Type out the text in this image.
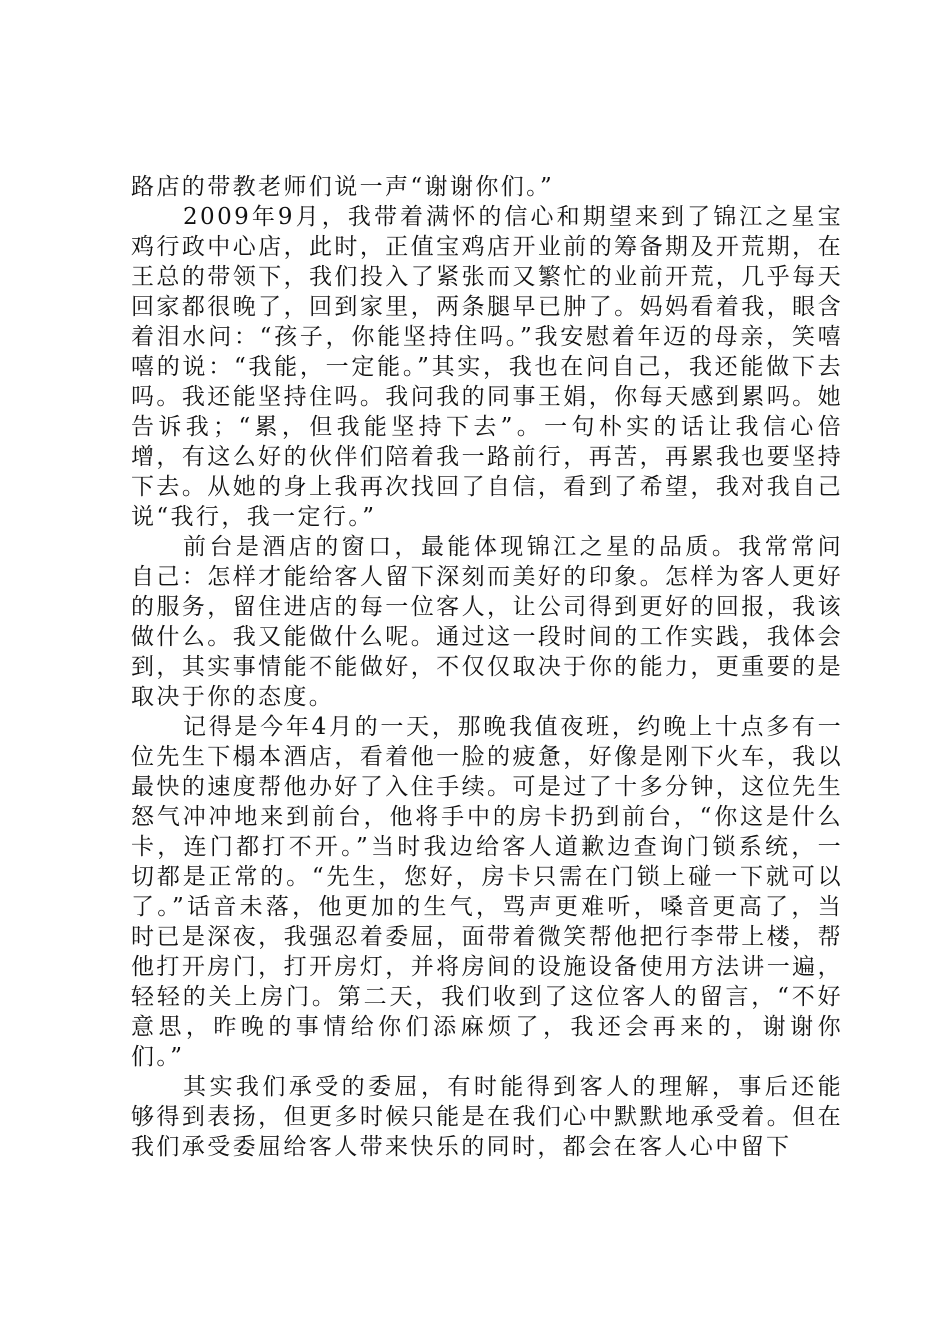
路店的带教老师们说一声“谢谢你们。”

2009年9月，我带着满怀的信心和期望来到了锦江之星宝鸡行政中心店，此时，正值宝鸡店开业前的筹备期及开荒期，在王总的带领下，我们投入了紧张而又繁忙的业前开荒，几乎每天回家都很晚了，回到家里，两条腿早已肿了。妈妈看着我，眼含着泪水问：“孩子，你能坚持住吗。”我安慰着年迈的母亲，笑嘻嘻的说：“我能，一定能。”其实，我也在问自己，我还能做下去吗。我还能坚持住吗。我问我的同事王娟，你每天感到累吗。她告诉我；“累，但我能坚持下去”。一句朴实的话让我信心倍增，有这么好的伙伴们陪着我一路前行，再苦，再累我也要坚持下去。从她的身上我再次找回了自信，看到了希望，我对我自己说“我行，我一定行。”

前台是酒店的窗口，最能体现锦江之星的品质。我常常问自己：怎样才能给客人留下深刻而美好的印象。怎样为客人更好的服务，留住进店的每一位客人，让公司得到更好的回报，我该做什么。我又能做什么呢。通过这一段时间的工作实践，我体会到，其实事情能不能做好，不仅仅取决于你的能力，更重要的是取决于你的态度。

记得是今年4月的一天，那晚我值夜班，约晚上十点多有一位先生下榻本酒店，看着他一脸的疲惫，好像是刚下火车，我以最快的速度帮他办好了入住手续。可是过了十多分钟，这位先生怒气冲冲地来到前台，他将手中的房卡扔到前台，“你这是什么卡，连门都打不开。”当时我边给客人道歉边查询门锁系统，一切都是正常的。“先生，您好，房卡只需在门锁上碰一下就可以了。”话音未落，他更加的生气，骂声更难听，嗓音更高了，当时已是深夜，我强忍着委屈，面带着微笑帮他把行李带上楼，帮他打开房门，打开房灯，并将房间的设施设备使用方法讲一遍，轻轻的关上房门。第二天，我们收到了这位客人的留言，“不好意思，昨晚的事情给你们添麻烦了，我还会再来的，谢谢你们。”

其实我们承受的委屈，有时能得到客人的理解，事后还能够得到表扬，但更多时候只能是在我们心中默默地承受着。但在我们承受委屈给客人带来快乐的同时，都会在客人心中留下
